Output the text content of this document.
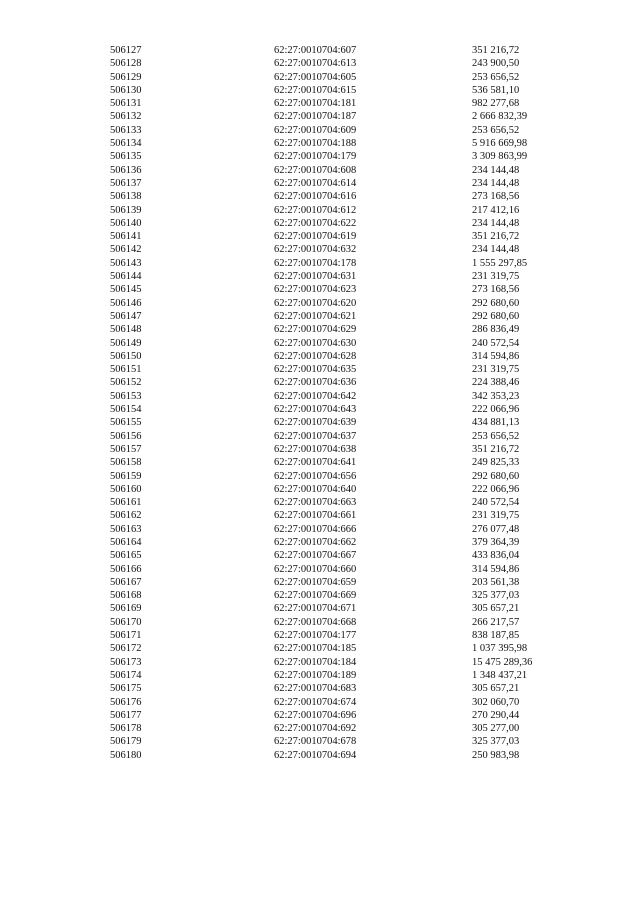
506127	62:27:0010704:607	351 216,72
506128	62:27:0010704:613	243 900,50
506129	62:27:0010704:605	253 656,52
506130	62:27:0010704:615	536 581,10
506131	62:27:0010704:181	982 277,68
506132	62:27:0010704:187	2 666 832,39
506133	62:27:0010704:609	253 656,52
506134	62:27:0010704:188	5 916 669,98
506135	62:27:0010704:179	3 309 863,99
506136	62:27:0010704:608	234 144,48
506137	62:27:0010704:614	234 144,48
506138	62:27:0010704:616	273 168,56
506139	62:27:0010704:612	217 412,16
506140	62:27:0010704:622	234 144,48
506141	62:27:0010704:619	351 216,72
506142	62:27:0010704:632	234 144,48
506143	62:27:0010704:178	1 555 297,85
506144	62:27:0010704:631	231 319,75
506145	62:27:0010704:623	273 168,56
506146	62:27:0010704:620	292 680,60
506147	62:27:0010704:621	292 680,60
506148	62:27:0010704:629	286 836,49
506149	62:27:0010704:630	240 572,54
506150	62:27:0010704:628	314 594,86
506151	62:27:0010704:635	231 319,75
506152	62:27:0010704:636	224 388,46
506153	62:27:0010704:642	342 353,23
506154	62:27:0010704:643	222 066,96
506155	62:27:0010704:639	434 881,13
506156	62:27:0010704:637	253 656,52
506157	62:27:0010704:638	351 216,72
506158	62:27:0010704:641	249 825,33
506159	62:27:0010704:656	292 680,60
506160	62:27:0010704:640	222 066,96
506161	62:27:0010704:663	240 572,54
506162	62:27:0010704:661	231 319,75
506163	62:27:0010704:666	276 077,48
506164	62:27:0010704:662	379 364,39
506165	62:27:0010704:667	433 836,04
506166	62:27:0010704:660	314 594,86
506167	62:27:0010704:659	203 561,38
506168	62:27:0010704:669	325 377,03
506169	62:27:0010704:671	305 657,21
506170	62:27:0010704:668	266 217,57
506171	62:27:0010704:177	838 187,85
506172	62:27:0010704:185	1 037 395,98
506173	62:27:0010704:184	15 475 289,36
506174	62:27:0010704:189	1 348 437,21
506175	62:27:0010704:683	305 657,21
506176	62:27:0010704:674	302 060,70
506177	62:27:0010704:696	270 290,44
506178	62:27:0010704:692	305 277,00
506179	62:27:0010704:678	325 377,03
506180	62:27:0010704:694	250 983,98
